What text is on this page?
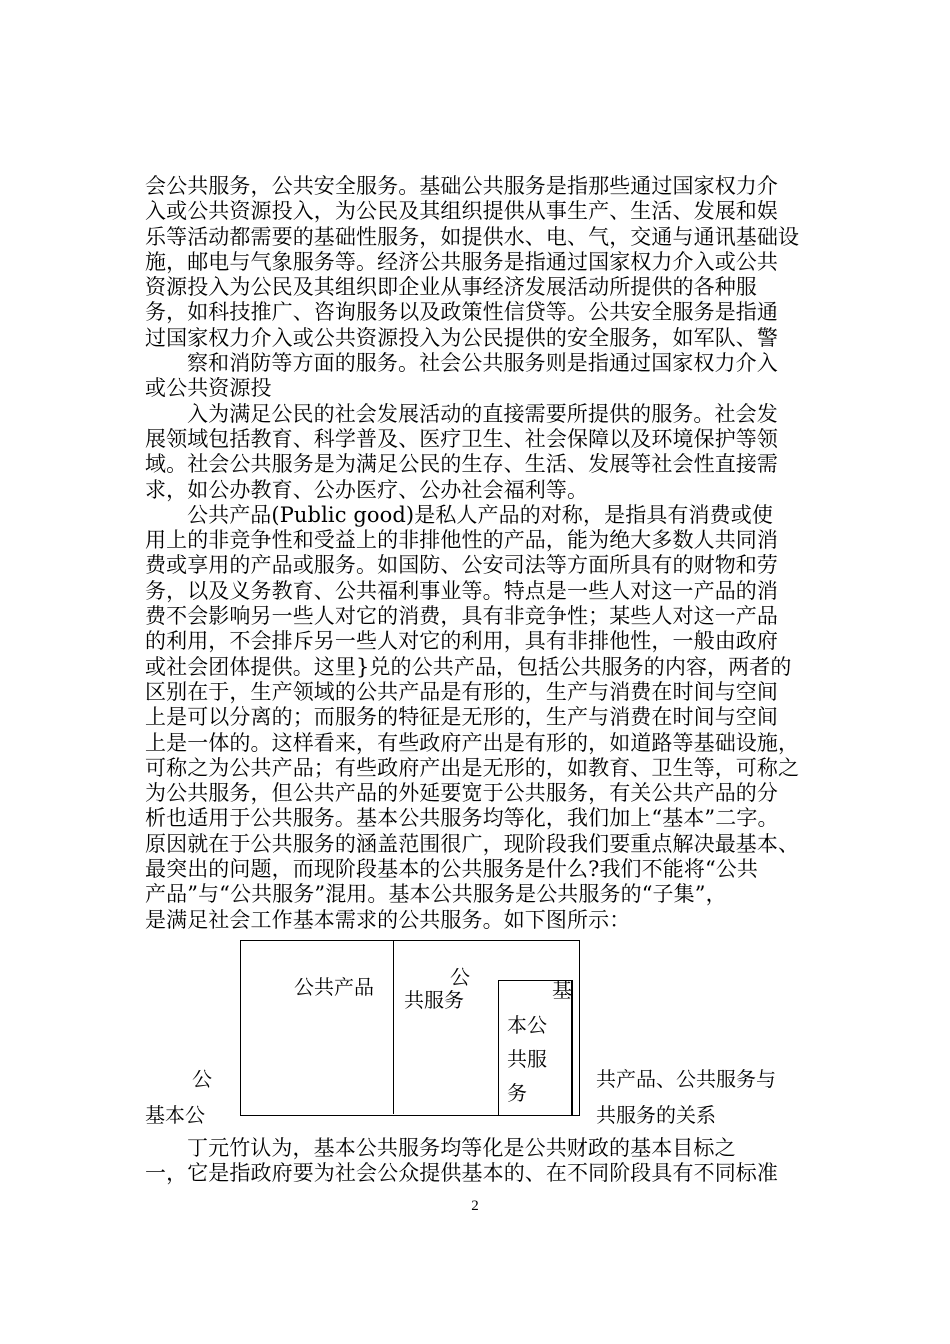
会公共服务，公共安全服务。基础公共服务是指那些通过国家权力介
入或公共资源投入，为公民及其组织提供从事生产、生活、发展和娱
乐等活动都需要的基础性服务，如提供水、电、气，交通与通讯基础设
施，邮电与气象服务等。经济公共服务是指通过国家权力介入或公共
资源投入为公民及其组织即企业从事经济发展活动所提供的各种服
务，如科技推广、咨询服务以及政策性信贷等。公共安全服务是指通
过国家权力介入或公共资源投入为公民提供的安全服务，如军队、警
察和消防等方面的服务。社会公共服务则是指通过国家权力介入
或公共资源投
入为满足公民的社会发展活动的直接需要所提供的服务。社会发
展领域包括教育、科学普及、医疗卫生、社会保障以及环境保护等领
域。社会公共服务是为满足公民的生存、生活、发展等社会性直接需
求，如公办教育、公办医疗、公办社会福利等。
公共产品(Public good)是私人产品的对称，是指具有消费或使
用上的非竞争性和受益上的非排他性的产品，能为绝大多数人共同消
费或享用的产品或服务。如国防、公安司法等方面所具有的财物和劳
务，以及义务教育、公共福利事业等。特点是一些人对这一产品的消
费不会影响另一些人对它的消费，具有非竞争性；某些人对这一产品
的利用，不会排斥另一些人对它的利用，具有非排他性，一般由政府
或社会团体提供。这里}兑的公共产品，包括公共服务的内容，两者的
区别在于，生产领域的公共产品是有形的，生产与消费在时间与空间
上是可以分离的；而服务的特征是无形的，生产与消费在时间与空间
上是一体的。这样看来，有些政府产出是有形的，如道路等基础设施，
可称之为公共产品；有些政府产出是无形的，如教育、卫生等，可称之
为公共服务，但公共产品的外延要宽于公共服务，有关公共产品的分
析也适用于公共服务。基本公共服务均等化，我们加上“基本”二字。
原因就在于公共服务的涵盖范围很广，现阶段我们要重点解决最基本、
最突出的问题，而现阶段基本的公共服务是什么?我们不能将“公共
产品”与“公共服务”混用。基本公共服务是公共服务的“子集”，
是满足社会工作基本需求的公共服务。如下图所示：
公共产品	公
共服务	基
本公
共服
务
公
基本公
共产品、公共服务与
共服务的关系
丁元竹认为，基本公共服务均等化是公共财政的基本目标之
一，它是指政府要为社会公众提供基本的、在不同阶段具有不同标准
2
